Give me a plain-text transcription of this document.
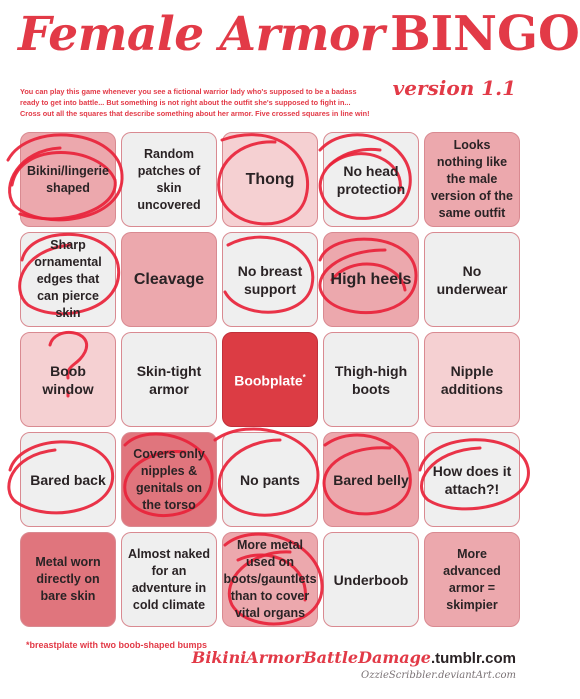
Female Armor BINGO
version 1.1

You can play this game whenever you see a fictional warrior lady who's supposed to be a badass

ready to get into battle... But something is not right about the outfit she's supposed to fight in...

Cross out all the squares that describe something about her armor. Five crossed squares in line win!

Bikini/lingerie shaped
Random patches of skin uncovered
Thong
No head protection
Looks nothing like the male version of the same outfit
Sharp ornamental edges that can pierce skin
Cleavage
No breast support
High heels
No underwear
Boob window
Skin-tight armor	Boobplate*	Thigh-high boots
Nipple additions
Bared back
Covers only nipples & genitals on the torso
No pants Bared belly
How does it attach?!
Metal worn directly on bare skin
Almost naked for an adventure in cold climate
More metal used on boots/gauntlets than to cover vital organs
Underboob
More advanced armor = skimpier
*breastplate with two boob-shaped bumps
BikiniArmorBattleDamage.tumblr.com
OzzieScribbler.deviantArt.com
